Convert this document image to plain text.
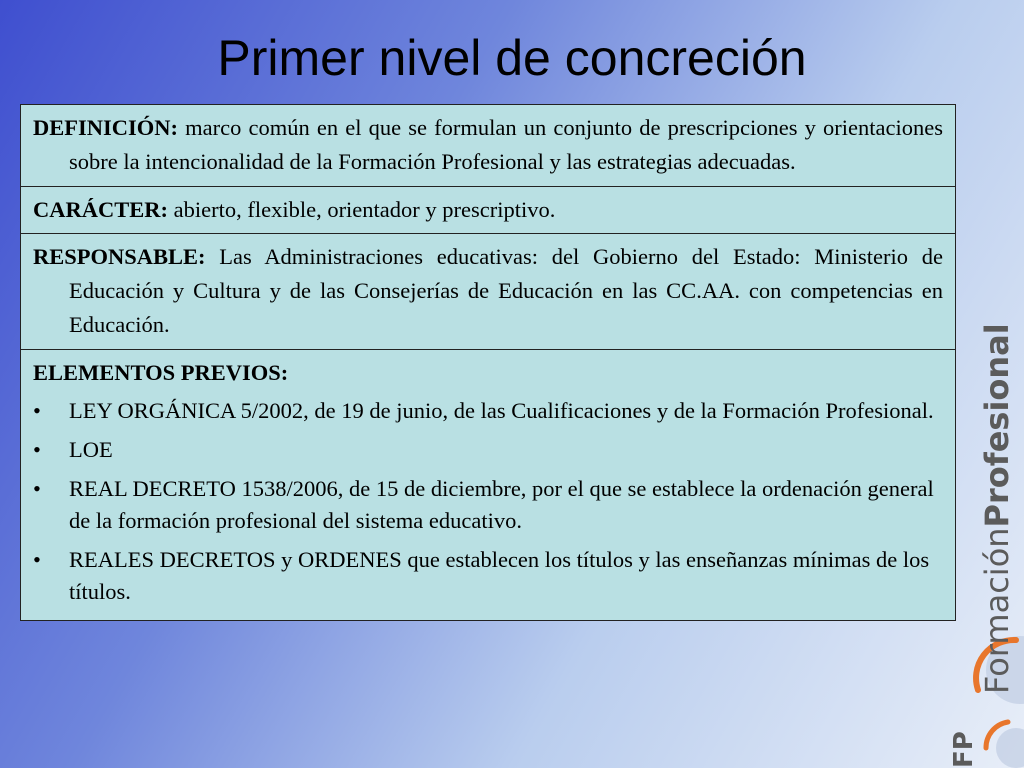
Primer nivel de concreción

DEFINICIÓN: marco común en el que se formulan un conjunto de prescripciones y orientaciones sobre la intencionalidad de la Formación Profesional y las estrategias adecuadas.

CARÁCTER: abierto, flexible, orientador y prescriptivo.

RESPONSABLE: Las Administraciones educativas: del Gobierno del Estado: Ministerio de Educación y Cultura y de las Consejerías de Educación en las CC.AA. con competencias en Educación.

ELEMENTOS PREVIOS:

• LEY ORGÁNICA 5/2002, de 19 de junio, de las Cualificaciones y de la Formación Profesional.
• LOE
• REAL DECRETO 1538/2006, de 15 de diciembre, por el que se establece la ordenación general de la formación profesional del sistema educativo.
• REALES DECRETOS y ORDENES que establecen los títulos y las enseñanzas mínimas de los títulos.	FormaciónProfesional
FP
